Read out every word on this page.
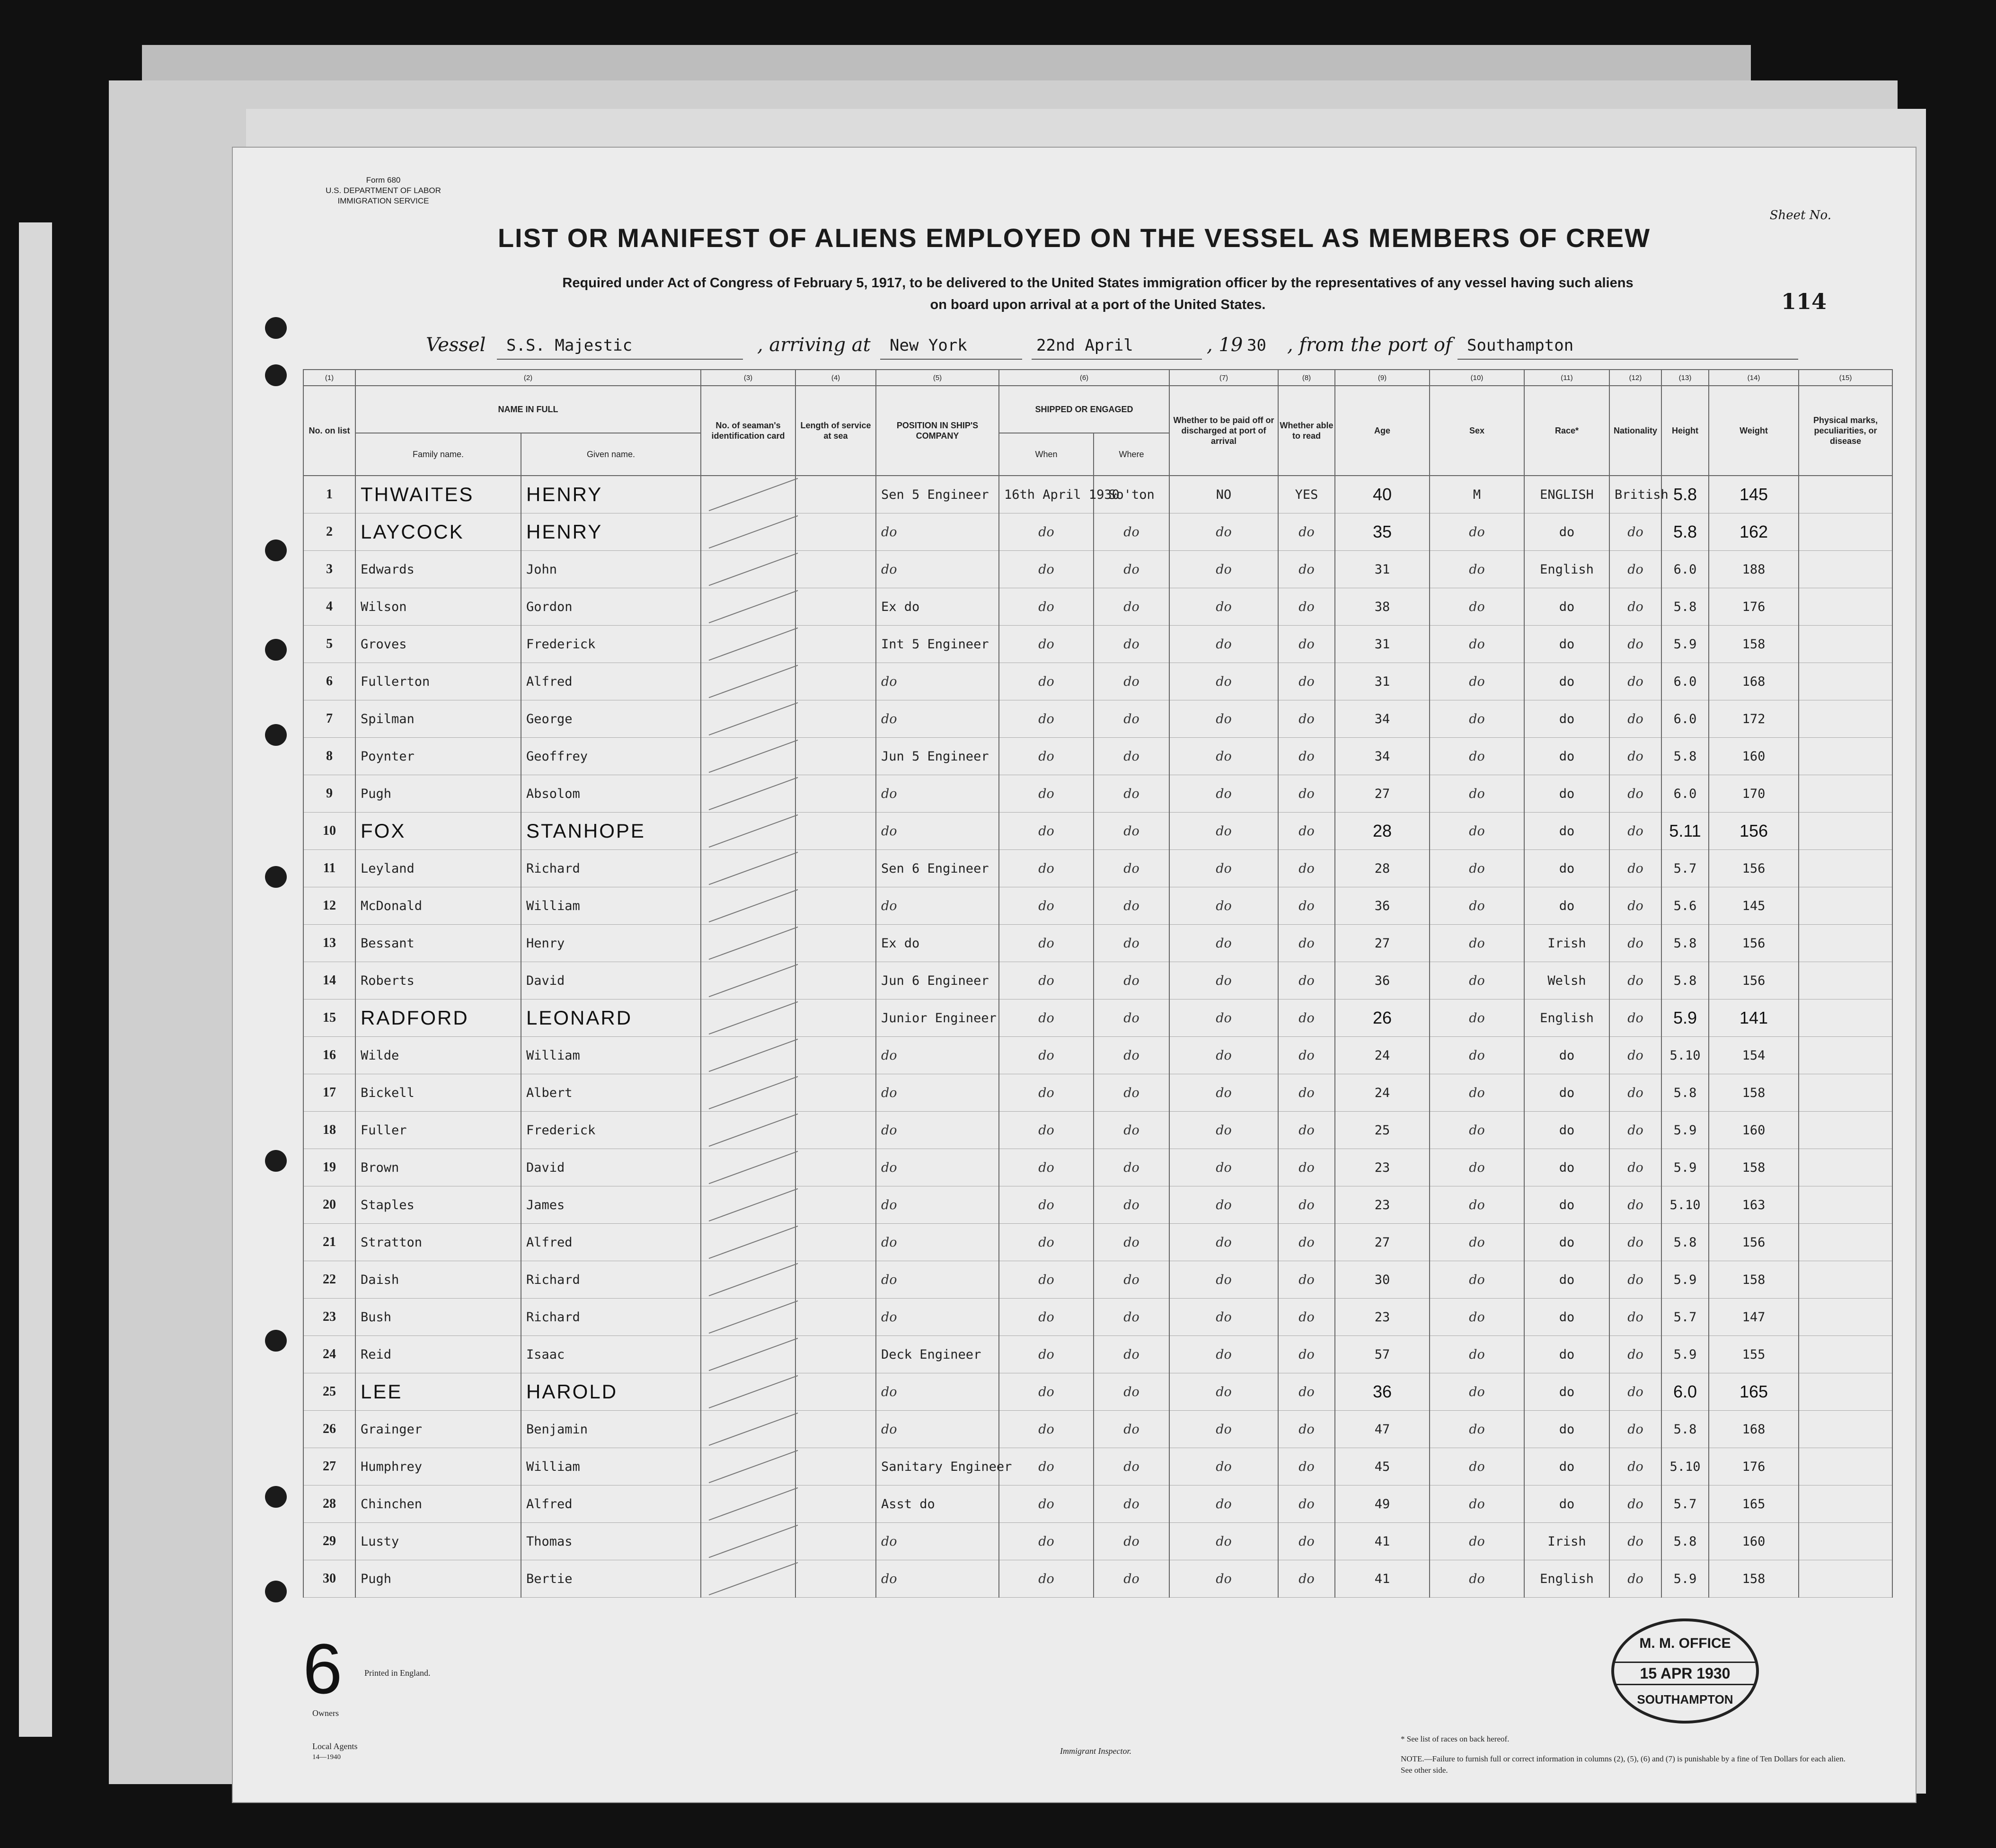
Form 680
U.S. DEPARTMENT OF LABOR
IMMIGRATION SERVICE
Sheet No.
114
LIST OR MANIFEST OF ALIENS EMPLOYED ON THE VESSEL AS MEMBERS OF CREW
Required under Act of Congress of February 5, 1917, to be delivered to the United States immigration officer by the representatives of any vessel having such aliens
on board upon arrival at a port of the United States.
Vessel S.S. Majestic	, arriving at New York	22nd April	, 19 30 , from the port of Southampton
(1)	(2)		(3)	(4)	(5)	(6)		(7)	(8)	(9)	(10)	(11)	(12)	(13)	(14)	(15)
No. on list	NAME IN FULL		No. of seaman's identification card	Length of service at sea	POSITION IN SHIP'S COMPANY	SHIPPED OR ENGAGED		Whether to be paid off or discharged at port of arrival	Whether able to read	Age	Sex	Race*	Nationality	Height	Weight	Physical marks, peculiarities, or disease
	Family name.	Given name.				When	Where									
1	THWAITES	HENRY			Sen 5 Engineer	16th April 1930	So'ton	NO	YES	40	M	ENGLISH	British	5.8	145	
2	LAYCOCK	HENRY			do	do	do	do	do	35	do	do	do	5.8	162	
3	Edwards	John			do	do	do	do	do	31	do	English	do	6.0	188	
4	Wilson	Gordon			Ex do	do	do	do	do	38	do	do	do	5.8	176	
5	Groves	Frederick			Int 5 Engineer	do	do	do	do	31	do	do	do	5.9	158	
6	Fullerton	Alfred			do	do	do	do	do	31	do	do	do	6.0	168	
7	Spilman	George			do	do	do	do	do	34	do	do	do	6.0	172	
8	Poynter	Geoffrey			Jun 5 Engineer	do	do	do	do	34	do	do	do	5.8	160	
9	Pugh	Absolom			do	do	do	do	do	27	do	do	do	6.0	170	
10	FOX	STANHOPE			do	do	do	do	do	28	do	do	do	5.11	156	
11	Leyland	Richard			Sen 6 Engineer	do	do	do	do	28	do	do	do	5.7	156	
12	McDonald	William			do	do	do	do	do	36	do	do	do	5.6	145	
13	Bessant	Henry			Ex do	do	do	do	do	27	do	Irish	do	5.8	156	
14	Roberts	David			Jun 6 Engineer	do	do	do	do	36	do	Welsh	do	5.8	156	
15	RADFORD	LEONARD			Junior Engineer	do	do	do	do	26	do	English	do	5.9	141	
16	Wilde	William			do	do	do	do	do	24	do	do	do	5.10	154	
17	Bickell	Albert			do	do	do	do	do	24	do	do	do	5.8	158	
18	Fuller	Frederick			do	do	do	do	do	25	do	do	do	5.9	160	
19	Brown	David			do	do	do	do	do	23	do	do	do	5.9	158	
20	Staples	James			do	do	do	do	do	23	do	do	do	5.10	163	
21	Stratton	Alfred			do	do	do	do	do	27	do	do	do	5.8	156	
22	Daish	Richard			do	do	do	do	do	30	do	do	do	5.9	158	
23	Bush	Richard			do	do	do	do	do	23	do	do	do	5.7	147	
24	Reid	Isaac			Deck Engineer	do	do	do	do	57	do	do	do	5.9	155	
25	LEE	HAROLD			do	do	do	do	do	36	do	do	do	6.0	165	
26	Grainger	Benjamin			do	do	do	do	do	47	do	do	do	5.8	168	
27	Humphrey	William			Sanitary Engineer	do	do	do	do	45	do	do	do	5.10	176	
28	Chinchen	Alfred			Asst do	do	do	do	do	49	do	do	do	5.7	165	
29	Lusty	Thomas			do	do	do	do	do	41	do	Irish	do	5.8	160	
30	Pugh	Bertie			do	do	do	do	do	41	do	English	do	5.9	158	
M. M. OFFICE
15 APR 1930
SOUTHAMPTON
6	Printed in England.
Owners
Local Agents
14—1940
Immigrant Inspector.
* See list of races on back hereof.
NOTE.—Failure to furnish full or correct information in columns (2), (5), (6) and (7) is punishable by a fine of Ten Dollars for each alien. See other side.
